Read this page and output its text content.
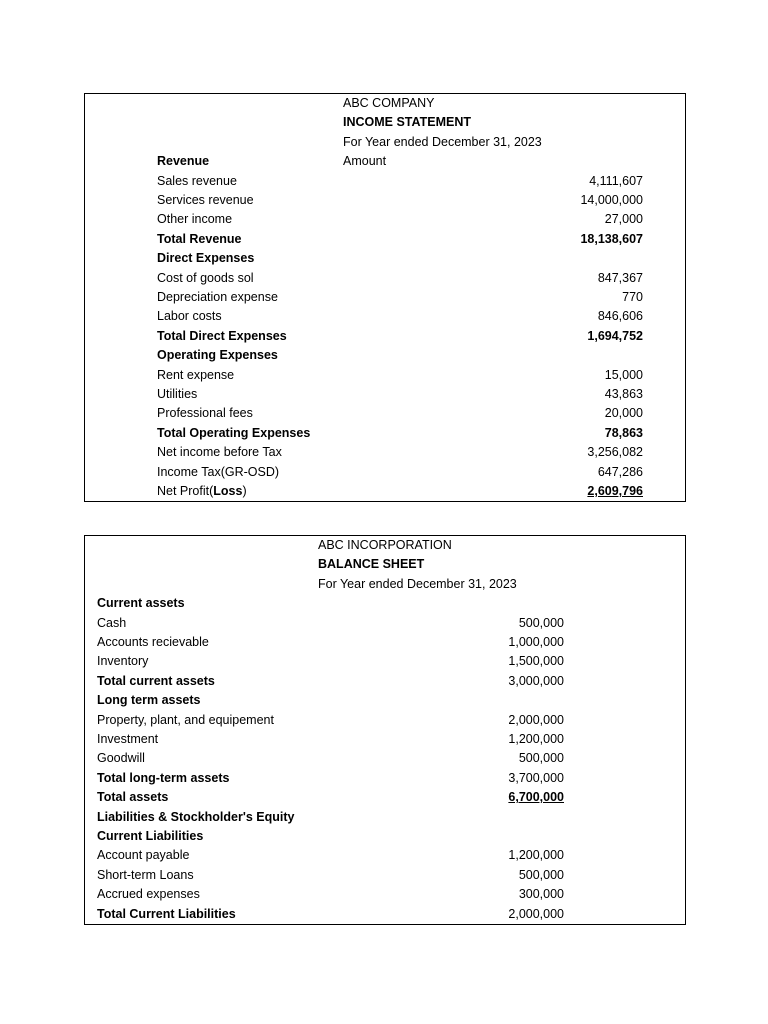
ABC COMPANY
INCOME STATEMENT
For Year ended December 31, 2023
Amount
Revenue
Sales revenue	4,111,607
Services revenue	14,000,000
Other income	27,000
Total Revenue	18,138,607
Direct Expenses
Cost of goods sol	847,367
Depreciation expense	770
Labor costs	846,606
Total Direct Expenses	1,694,752
Operating Expenses
Rent expense	15,000
Utilities	43,863
Professional fees	20,000
Total Operating Expenses	78,863
Net income before Tax	3,256,082
Income Tax(GR-OSD)	647,286
Net Profit(Loss)	2,609,796
ABC INCORPORATION
BALANCE SHEET
For Year ended December 31, 2023
Current assets
Cash	500,000
Accounts recievable	1,000,000
Inventory	1,500,000
Total current assets	3,000,000
Long term assets
Property, plant, and equipement	2,000,000
Investment	1,200,000
Goodwill	500,000
Total long-term assets	3,700,000
Total assets	6,700,000
Liabilities & Stockholder's Equity
Current Liabilities
Account payable	1,200,000
Short-term Loans	500,000
Accrued expenses	300,000
Total Current Liabilities	2,000,000
